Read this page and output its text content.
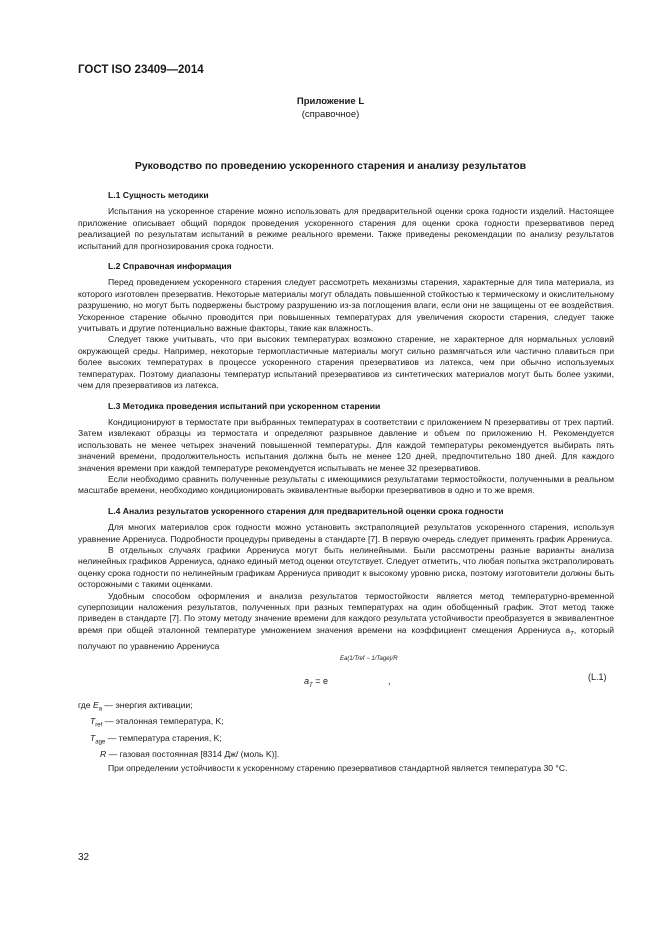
ГОСТ ISO 23409—2014
Приложение L
(справочное)
Руководство по проведению ускоренного старения и анализу результатов

L.1 Сущность методики

Испытания на ускоренное старение можно использовать для предварительной оценки срока годности изделий. Настоящее приложение описывает общий порядок проведения ускоренного старения для оценки срока годности презервативов перед реализацией по результатам испытаний в режиме реального времени. Также приведены рекомендации по анализу результатов испытаний для прогнозирования срока годности.

L.2 Справочная информация

Перед проведением ускоренного старения следует рассмотреть механизмы старения, характерные для типа материала, из которого изготовлен презерватив. Некоторые материалы могут обладать повышенной стойкостью к термическому и окислительному разрушению, но могут быть подвержены быстрому разрушению из-за поглощения влаги, если они не защищены от ее воздействия. Ускоренное старение обычно проводится при повышенных температурах для увеличения скорости старения, следует также учитывать и другие потенциально важные факторы, такие как влажность.

Следует также учитывать, что при высоких температурах возможно старение, не характерное для нормальных условий окружающей среды. Например, некоторые термопластичные материалы могут сильно размягчаться или частично плавиться при более высоких температурах в процессе ускоренного старения презервативов из латекса, чем при обычно используемых температурах. Поэтому диапазоны температур испытаний презервативов из синтетических материалов могут быть более узкими, чем для презервативов из латекса.

L.3 Методика проведения испытаний при ускоренном старении

Кондиционируют в термостате при выбранных температурах в соответствии с приложением N презервативы от трех партий. Затем извлекают образцы из термостата и определяют разрывное давление и объем по приложению H. Рекомендуется использовать не менее четырех значений повышенной температуры. Для каждой температуры рекомендуется выбирать пять значений времени, продолжительность испытания должна быть не менее 120 дней, предпочтительно 180 дней. Для каждого значения времени при каждой температуре рекомендуется испытывать не менее 32 презервативов.

Если необходимо сравнить полученные результаты с имеющимися результатами термостойкости, полученными в реальном масштабе времени, необходимо кондиционировать эквивалентные выборки презервативов в одно и то же время.

L.4 Анализ результатов ускоренного старения для предварительной оценки срока годности

Для многих материалов срок годности можно установить экстраполяцией результатов ускоренного старения, используя уравнение Аррениуса. Подробности процедуры приведены в стандарте [7]. В первую очередь следует применять график Аррениуса.

В отдельных случаях графики Аррениуса могут быть нелинейными. Были рассмотрены разные варианты анализа нелинейных графиков Аррениуса, однако единый метод оценки отсутствует. Следует отметить, что любая попытка экстраполировать оценку срока годности по нелинейным графикам Аррениуса приводит к высокому уровню риска, поэтому изготовители должны быть осторожными с такими оценками.

Удобным способом оформления и анализа результатов термостойкости является метод температурно-временной суперпозиции наложения результатов, полученных при разных температурах на один обобщенный график. Этот метод также приведен в стандарте [7]. По этому методу значение времени для каждого результата устойчивости преобразуется в эквивалентное время при общей эталонной температуре умножением значения времени на коэффициент смещения Аррениуса $a_T$, который получают по уравнению Аррениуса

Ea(1/Tref − 1/Tage)/R
$a_T = e$	,	(L.1)

где $E_a$ — энергия активации;

$T_{ref}$ — эталонная температура, K;

$T_{age}$ — температура старения, K;

R — газовая постоянная [8314 Дж/ (моль K)].

При определении устойчивости к ускоренному старению презервативов стандартной является температура 30 °C.

32
